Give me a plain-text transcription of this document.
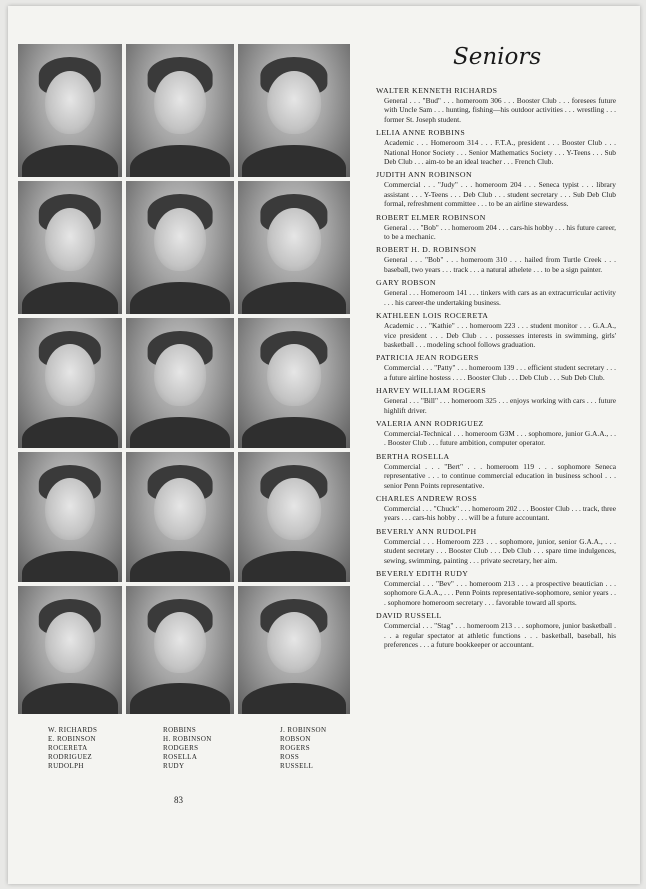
W. RICHARDS
E. ROBINSON
ROCERETA
RODRIGUEZ
RUDOLPH
ROBBINS
H. ROBINSON
RODGERS
ROSELLA
RUDY
J. ROBINSON
ROBSON
ROGERS
ROSS
RUSSELL
83
Seniors
WALTER KENNETH RICHARDS
General . . . "Bud" . . . homeroom 306 . . . Booster Club . . . foresees future with Uncle Sam . . . hunting, fishing—his outdoor activities . . . wrestling . . . former St. Joseph student.
LELIA ANNE ROBBINS
Academic . . . Homeroom 314 . . . F.T.A., president . . . Booster Club . . . National Honor Society . . . Senior Mathematics Society . . . Y-Teens . . . Sub Deb Club . . . aim-to be an ideal teacher . . . French Club.
JUDITH ANN ROBINSON
Commercial . . . "Judy" . . . homeroom 204 . . . Seneca typist . . . library assistant . . . Y-Teens . . . Deb Club . . . student secretary . . . Sub Deb Club formal, refreshment committee . . . to be an airline stewardess.
ROBERT ELMER ROBINSON
General . . . "Bob" . . . homeroom 204 . . . cars-his hobby . . . his future career, to be a mechanic.
ROBERT H. D. ROBINSON
General . . . "Bob" . . . homeroom 310 . . . hailed from Turtle Creek . . . baseball, two years . . . track . . . a natural athelete . . . to be a sign painter.
GARY ROBSON
General . . . Homeroom 141 . . . tinkers with cars as an extracurricular activity . . . his career-the undertaking business.
KATHLEEN LOIS ROCERETA
Academic . . . "Kathie" . . . homeroom 223 . . . student monitor . . . G.A.A., vice president . . . Deb Club . . . possesses interests in swimming, girls' basketball . . . modeling school follows graduation.
PATRICIA JEAN RODGERS
Commercial . . . "Patty" . . . homeroom 139 . . . efficient student secretary . . . a future airline hostess . . . . Booster Club . . . Deb Club . . . Sub Deb Club.
HARVEY WILLIAM ROGERS
General . . . "Bill" . . . homeroom 325 . . . enjoys working with cars . . . future highlift driver.
VALERIA ANN RODRIGUEZ
Commercial-Technical . . . homeroom G3M . . . sophomore, junior G.A.A., . . . Booster Club . . . future ambition, computer operator.
BERTHA ROSELLA
Commercial . . . "Bert" . . . homeroom 119 . . . sophomore Seneca representative . . . to continue commercial education in business school . . . senior Penn Points representative.
CHARLES ANDREW ROSS
Commercial . . . "Chuck" . . . homeroom 202 . . . Booster Club . . . track, three years . . . cars-his hobby . . . will be a future accountant.
BEVERLY ANN RUDOLPH
Commercial . . . Homeroom 223 . . . sophomore, junior, senior G.A.A., . . . student secretary . . . Booster Club . . . Deb Club . . . spare time indulgences, sewing, swimming, painting . . . private secretary, her aim.
BEVERLY EDITH RUDY
Commercial . . . "Bev" . . . homeroom 213 . . . a prospective beautician . . . sophomore G.A.A., . . . Penn Points representative-sophomore, senior years . . . sophomore homeroom secretary . . . favorable toward all sports.
DAVID RUSSELL
Commercial . . . "Stag" . . . homeroom 213 . . . sophomore, junior basketball . . . a regular spectator at athletic functions . . . basketball, baseball, his preferences . . . a future bookkeeper or accountant.
